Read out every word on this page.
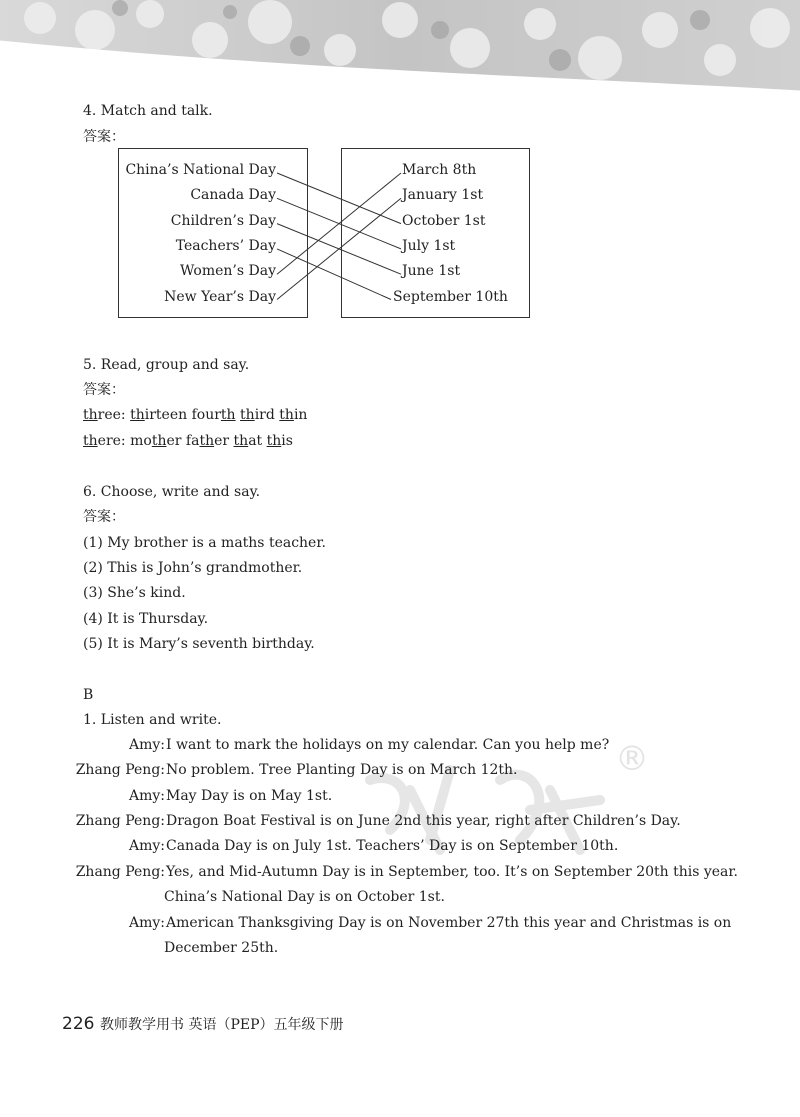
4. Match and talk.
答案：
China’s National Day
Canada Day
Children’s Day
Teachers’ Day
Women’s Day
New Year’s Day
March 8th
January 1st
October 1st
July 1st
June 1st
September 10th
5. Read, group and say.
答案：
three: thirteen fourth third thin
there: mother father that this
6. Choose, write and say.
答案：
(1) My brother is a maths teacher.
(2) This is John’s grandmother.
(3) She’s kind.
(4) It is Thursday.
(5) It is Mary’s seventh birthday.
®
B
1. Listen and write.
Amy: I want to mark the holidays on my calendar. Can you help me?
Zhang Peng: No problem. Tree Planting Day is on March 12th.
Amy: May Day is on May 1st.
Zhang Peng: Dragon Boat Festival is on June 2nd this year, right after Children’s Day.
Amy: Canada Day is on July 1st. Teachers’ Day is on September 10th.
Zhang Peng: Yes, and Mid-Autumn Day is in September, too. It’s on September 20th this year.
China’s National Day is on October 1st.
Amy: American Thanksgiving Day is on November 27th this year and Christmas is on
December 25th.
226 教师教学用书 英语（PEP）五年级下册
